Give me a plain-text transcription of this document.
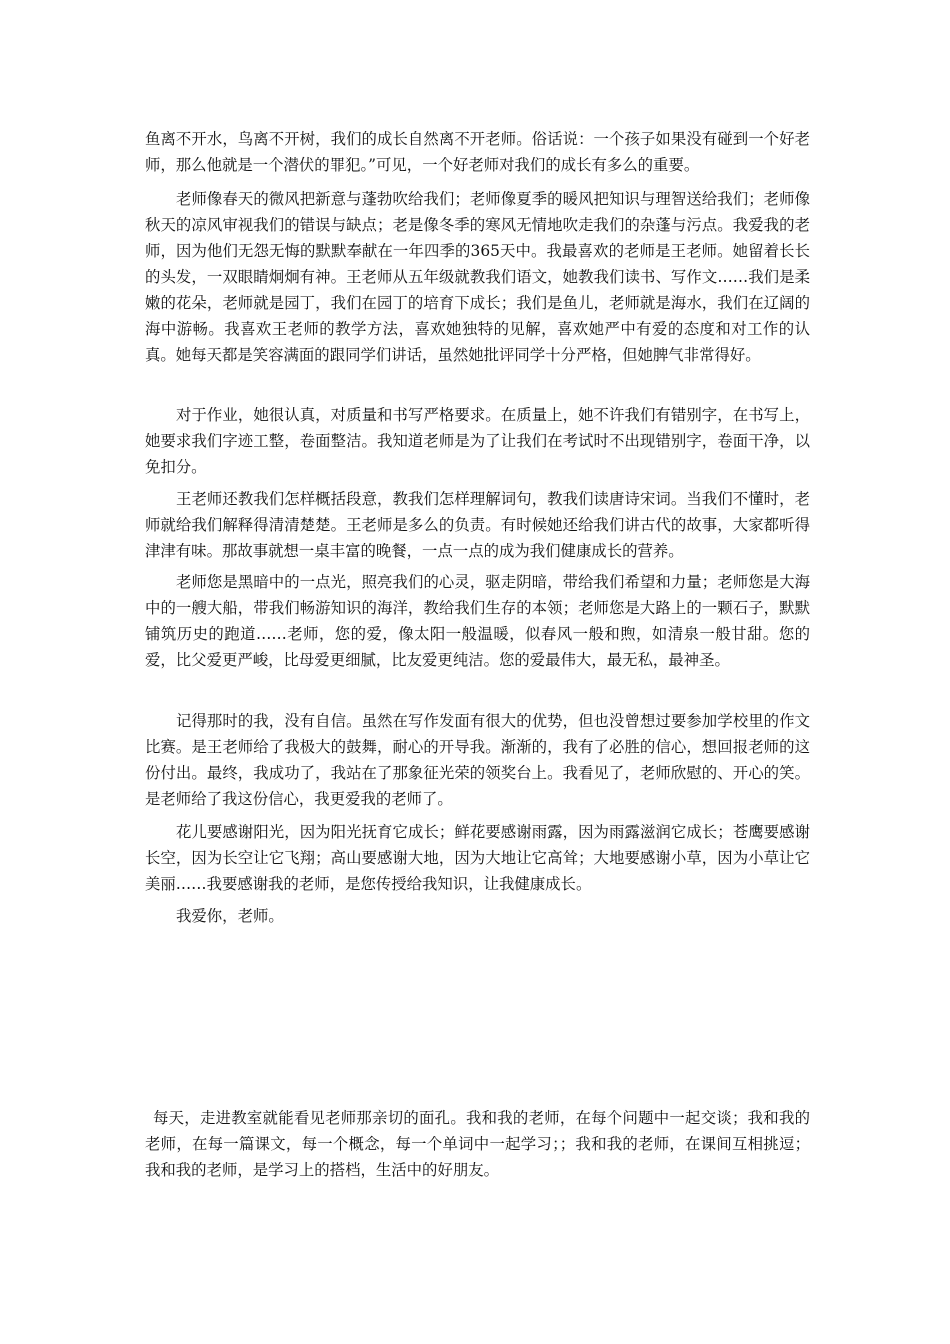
鱼离不开水，鸟离不开树，我们的成长自然离不开老师。俗话说：一个孩子如果没有碰到一个好老师，那么他就是一个潜伏的罪犯。”可见，一个好老师对我们的成长有多么的重要。

老师像春天的微风把新意与蓬勃吹给我们；老师像夏季的暖风把知识与理智送给我们；老师像秋天的凉风审视我们的错误与缺点；老是像冬季的寒风无情地吹走我们的杂蓬与污点。我爱我的老师，因为他们无怨无悔的默默奉献在一年四季的365天中。我最喜欢的老师是王老师。她留着长长的头发，一双眼睛炯炯有神。王老师从五年级就教我们语文，她教我们读书、写作文……我们是柔嫩的花朵，老师就是园丁，我们在园丁的培育下成长；我们是鱼儿，老师就是海水，我们在辽阔的海中游畅。我喜欢王老师的教学方法，喜欢她独特的见解，喜欢她严中有爱的态度和对工作的认真。她每天都是笑容满面的跟同学们讲话，虽然她批评同学十分严格，但她脾气非常得好。

对于作业，她很认真，对质量和书写严格要求。在质量上，她不许我们有错别字，在书写上，她要求我们字迹工整，卷面整洁。我知道老师是为了让我们在考试时不出现错别字，卷面干净，以免扣分。

王老师还教我们怎样概括段意，教我们怎样理解词句，教我们读唐诗宋词。当我们不懂时，老师就给我们解释得清清楚楚。王老师是多么的负责。有时候她还给我们讲古代的故事，大家都听得津津有味。那故事就想一桌丰富的晚餐，一点一点的成为我们健康成长的营养。

老师您是黑暗中的一点光，照亮我们的心灵，驱走阴暗，带给我们希望和力量；老师您是大海中的一艘大船，带我们畅游知识的海洋，教给我们生存的本领；老师您是大路上的一颗石子，默默铺筑历史的跑道……老师，您的爱，像太阳一般温暖，似春风一般和煦，如清泉一般甘甜。您的爱，比父爱更严峻，比母爱更细腻，比友爱更纯洁。您的爱最伟大，最无私，最神圣。

记得那时的我，没有自信。虽然在写作发面有很大的优势，但也没曾想过要参加学校里的作文比赛。是王老师给了我极大的鼓舞，耐心的开导我。渐渐的，我有了必胜的信心，想回报老师的这份付出。最终，我成功了，我站在了那象征光荣的领奖台上。我看见了，老师欣慰的、开心的笑。是老师给了我这份信心，我更爱我的老师了。

花儿要感谢阳光，因为阳光抚育它成长；鲜花要感谢雨露，因为雨露滋润它成长；苍鹰要感谢长空，因为长空让它飞翔；高山要感谢大地，因为大地让它高耸；大地要感谢小草，因为小草让它美丽……我要感谢我的老师，是您传授给我知识，让我健康成长。

我爱你，老师。

每天，走进教室就能看见老师那亲切的面孔。我和我的老师，在每个问题中一起交谈；我和我的老师，在每一篇课文，每一个概念，每一个单词中一起学习；；我和我的老师，在课间互相挑逗；我和我的老师，是学习上的搭档，生活中的好朋友。
